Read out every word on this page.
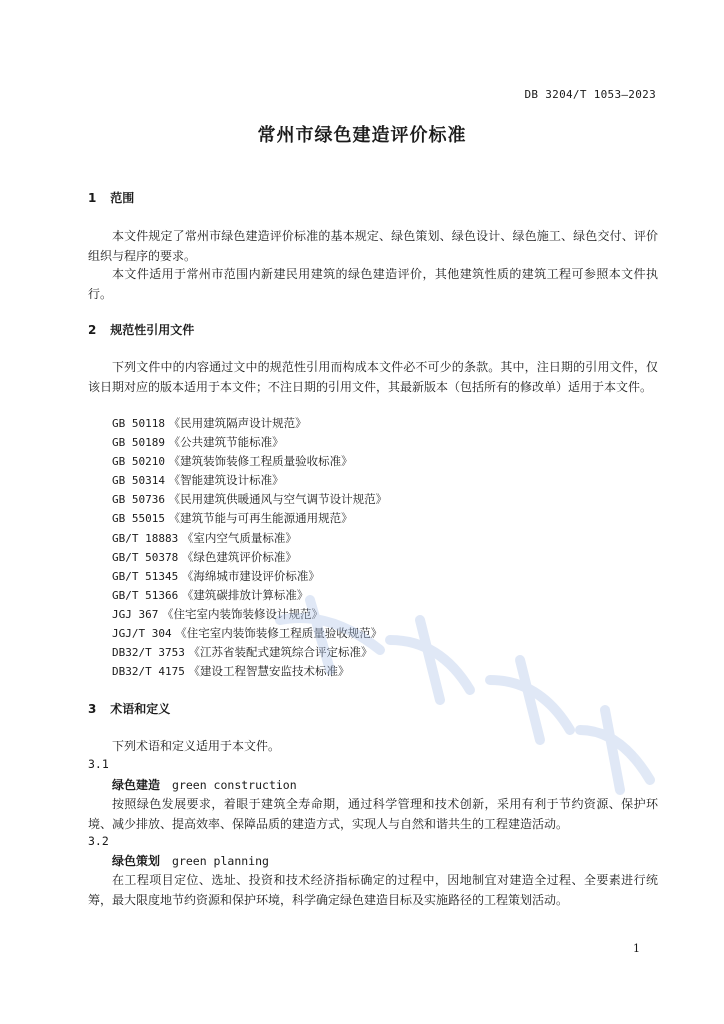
DB 3204/T 1053—2023
常州市绿色建造评价标准
1 范围
本文件规定了常州市绿色建造评价标准的基本规定、绿色策划、绿色设计、绿色施工、绿色交付、评价组织与程序的要求。
本文件适用于常州市范围内新建民用建筑的绿色建造评价，其他建筑性质的建筑工程可参照本文件执行。
2 规范性引用文件
下列文件中的内容通过文中的规范性引用而构成本文件必不可少的条款。其中，注日期的引用文件，仅该日期对应的版本适用于本文件；不注日期的引用文件，其最新版本（包括所有的修改单）适用于本文件。
GB 50118 《民用建筑隔声设计规范》
GB 50189 《公共建筑节能标准》
GB 50210 《建筑装饰装修工程质量验收标准》
GB 50314 《智能建筑设计标准》
GB 50736 《民用建筑供暖通风与空气调节设计规范》
GB 55015 《建筑节能与可再生能源通用规范》
GB/T 18883 《室内空气质量标准》
GB/T 50378 《绿色建筑评价标准》
GB/T 51345 《海绵城市建设评价标准》
GB/T 51366 《建筑碳排放计算标准》
JGJ 367 《住宅室内装饰装修设计规范》
JGJ/T 304 《住宅室内装饰装修工程质量验收规范》
DB32/T 3753 《江苏省装配式建筑综合评定标准》
DB32/T 4175 《建设工程智慧安监技术标准》
3 术语和定义
下列术语和定义适用于本文件。
3.1
绿色建造 green construction
按照绿色发展要求，着眼于建筑全寿命期，通过科学管理和技术创新，采用有利于节约资源、保护环境、减少排放、提高效率、保障品质的建造方式，实现人与自然和谐共生的工程建造活动。
3.2
绿色策划 green planning
在工程项目定位、选址、投资和技术经济指标确定的过程中，因地制宜对建造全过程、全要素进行统筹，最大限度地节约资源和保护环境，科学确定绿色建造目标及实施路径的工程策划活动。
1
